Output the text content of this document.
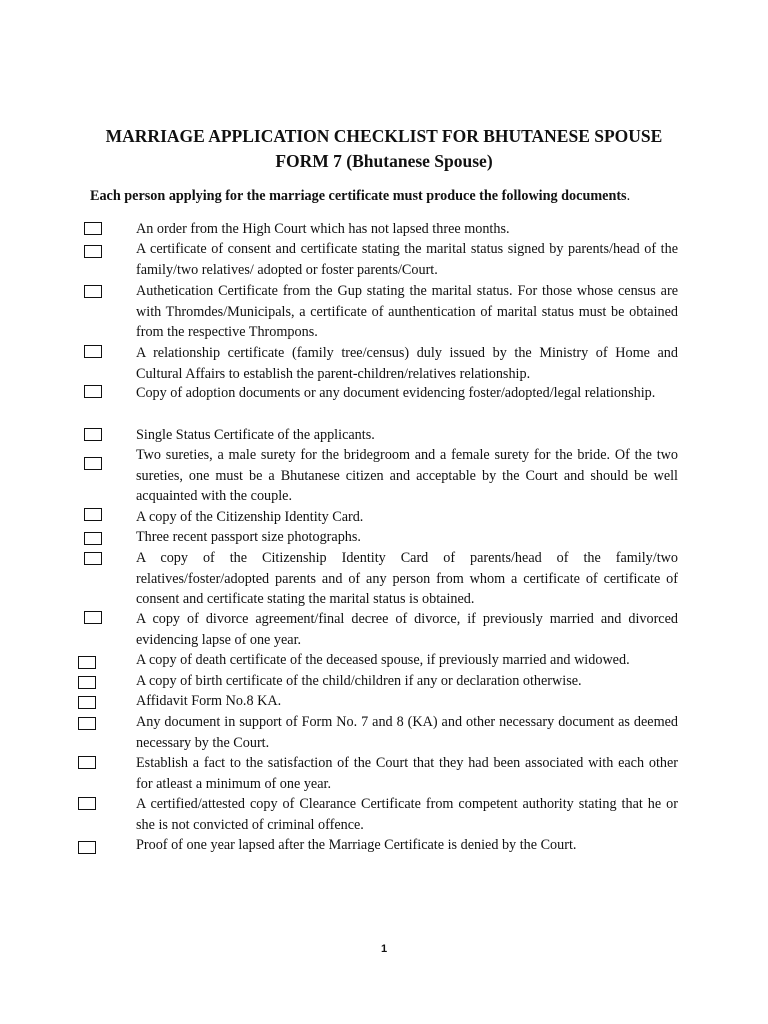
MARRIAGE APPLICATION CHECKLIST FOR BHUTANESE SPOUSE
FORM 7 (Bhutanese Spouse)
Each person applying for the marriage certificate must produce the following documents.
An order from the High Court which has not lapsed three months.
A certificate of consent and certificate stating the marital status signed by parents/head of the family/two relatives/ adopted or foster parents/Court.
Authetication Certificate from the Gup stating the marital status. For those whose census are with Thromdes/Municipals, a certificate of aunthentication of marital status must be obtained from the respective Thrompons.
A relationship certificate (family tree/census) duly issued by the Ministry of Home and Cultural Affairs to establish the parent-children/relatives relationship.
Copy of adoption documents or any document evidencing foster/adopted/legal relationship.
Single Status Certificate of the applicants.
Two sureties, a male surety for the bridegroom and a female surety for the bride. Of the two sureties, one must be a Bhutanese citizen and acceptable by the Court and should be well acquainted with the couple.
A copy of the Citizenship Identity Card.
Three recent passport size photographs.
A copy of the Citizenship Identity Card of parents/head of the family/two relatives/foster/adopted parents and of any person from whom a certificate of certificate of consent and certificate stating the marital status is obtained.
A copy of divorce agreement/final decree of divorce, if previously married and divorced evidencing lapse of one year.
A copy of death certificate of the deceased spouse, if previously married and widowed.
A copy of birth certificate of the child/children if any or declaration otherwise.
Affidavit Form No.8 KA.
Any document in support of Form No. 7 and 8 (KA) and other necessary document as deemed necessary by the Court.
Establish a fact to the satisfaction of the Court that they had been associated with each other for atleast a minimum of one year.
A certified/attested copy of Clearance Certificate from competent authority stating that he or she is not convicted of criminal offence.
Proof of one year lapsed after the Marriage Certificate is denied by the Court.
1
